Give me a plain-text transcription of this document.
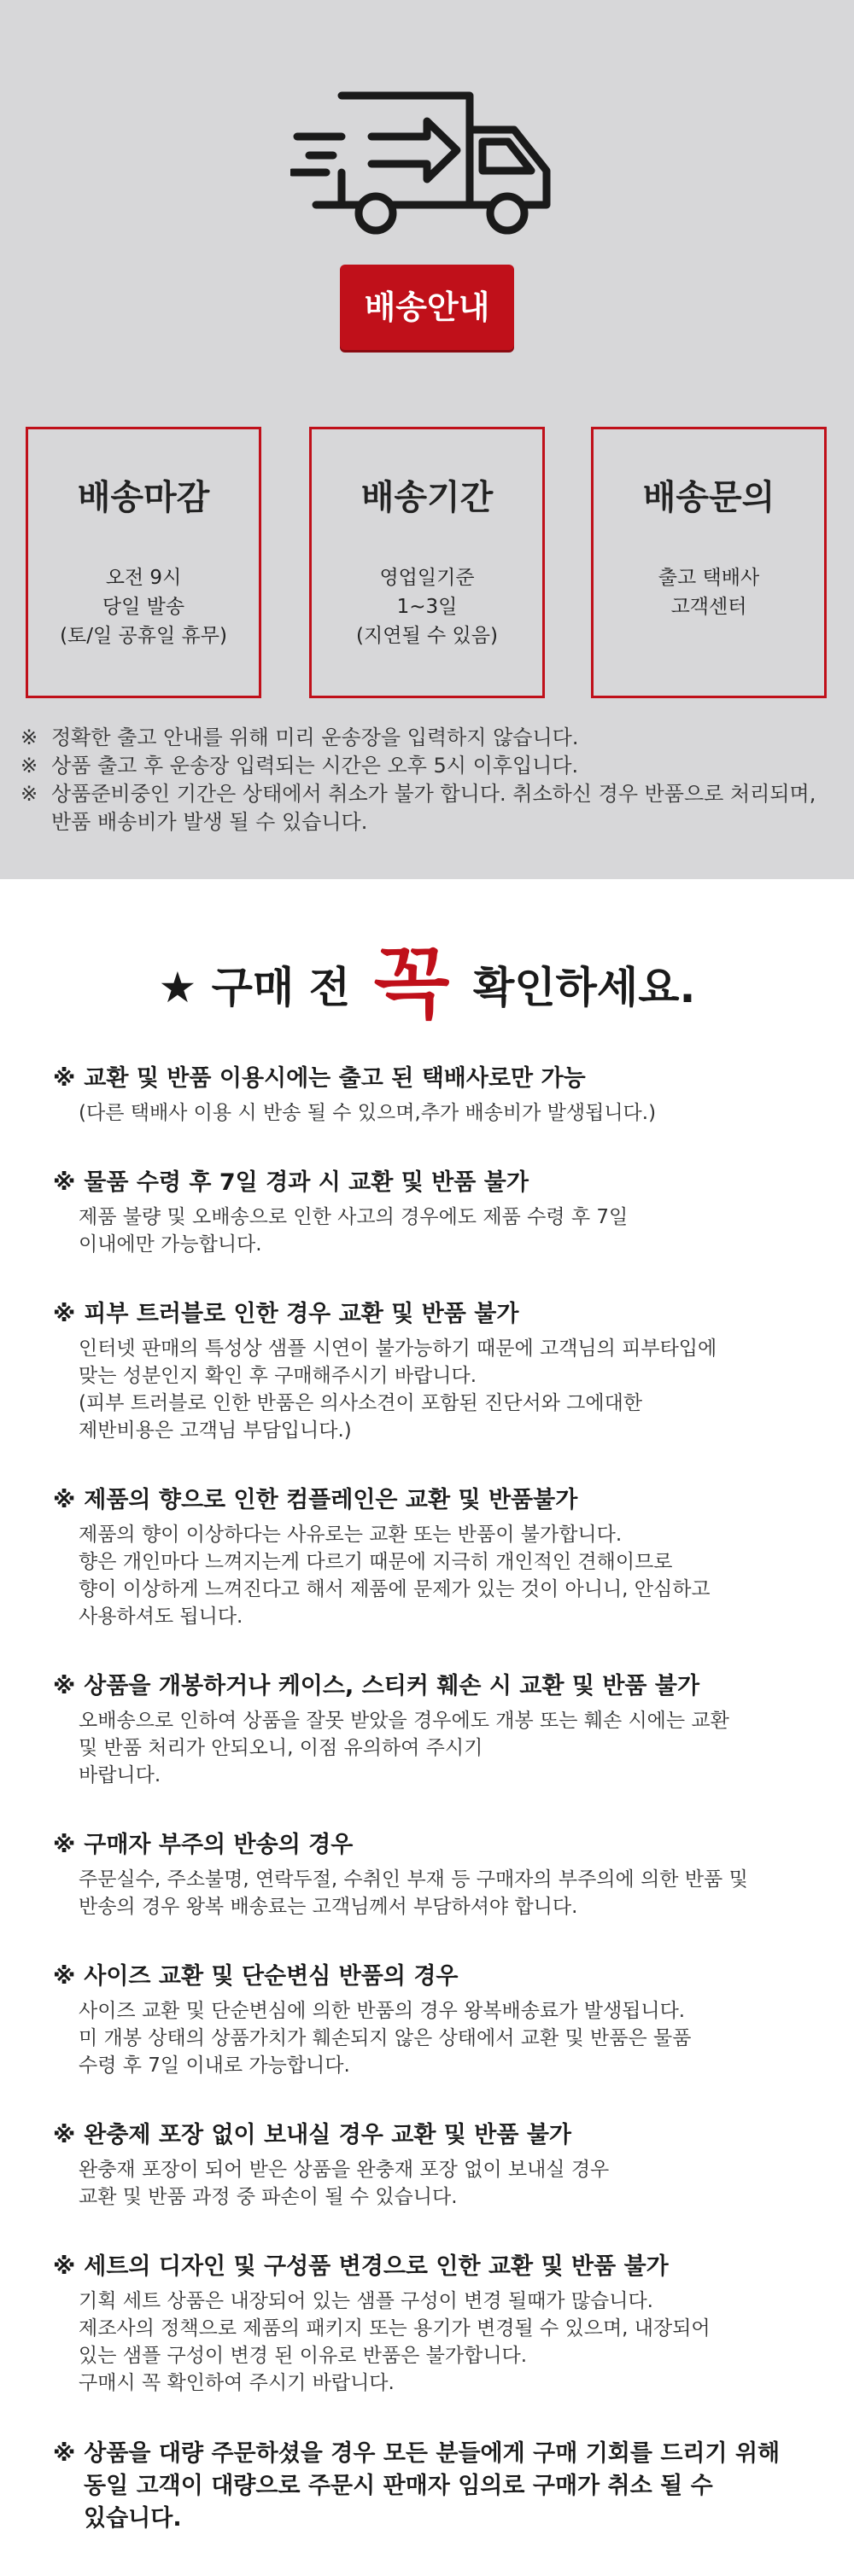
배송안내
배송마감
오전 9시
당일 발송
(토/일 공휴일 휴무)
배송기간
영업일기준
1~3일
(지연될 수 있음)
배송문의
출고 택배사
고객센터
※ 정확한 출고 안내를 위해 미리 운송장을 입력하지 않습니다.
※ 상품 출고 후 운송장 입력되는 시간은 오후 5시 이후입니다.
※ 상품준비중인 기간은 상태에서 취소가 불가 합니다. 취소하신 경우 반품으로 처리되며, 반품 배송비가 발생 될 수 있습니다.
★ 구매 전 꼭 확인하세요.
※ 교환 및 반품 이용시에는 출고 된 택배사로만 가능
(다른 택배사 이용 시 반송 될 수 있으며,추가 배송비가 발생됩니다.)
※ 물품 수령 후 7일 경과 시 교환 및 반품 불가
제품 불량 및 오배송으로 인한 사고의 경우에도 제품 수령 후 7일
이내에만 가능합니다.
※ 피부 트러블로 인한 경우 교환 및 반품 불가
인터넷 판매의 특성상 샘플 시연이 불가능하기 때문에 고객님의 피부타입에
맞는 성분인지 확인 후 구매해주시기 바랍니다.
(피부 트러블로 인한 반품은 의사소견이 포함된 진단서와 그에대한
제반비용은 고객님 부담입니다.)
※ 제품의 향으로 인한 컴플레인은 교환 및 반품불가
제품의 향이 이상하다는 사유로는 교환 또는 반품이 불가합니다.
향은 개인마다 느껴지는게 다르기 때문에 지극히 개인적인 견해이므로
향이 이상하게 느껴진다고 해서 제품에 문제가 있는 것이 아니니, 안심하고
사용하셔도 됩니다.
※ 상품을 개봉하거나 케이스, 스티커 훼손 시 교환 및 반품 불가
오배송으로 인하여 상품을 잘못 받았을 경우에도 개봉 또는 훼손 시에는 교환
및 반품 처리가 안되오니, 이점 유의하여 주시기
바랍니다.
※ 구매자 부주의 반송의 경우
주문실수, 주소불명, 연락두절, 수취인 부재 등 구매자의 부주의에 의한 반품 및
반송의 경우 왕복 배송료는 고객님께서 부담하셔야 합니다.
※ 사이즈 교환 및 단순변심 반품의 경우
사이즈 교환 및 단순변심에 의한 반품의 경우 왕복배송료가 발생됩니다.
미 개봉 상태의 상품가치가 훼손되지 않은 상태에서 교환 및 반품은 물품
수령 후 7일 이내로 가능합니다.
※ 완충제 포장 없이 보내실 경우 교환 및 반품 불가
완충재 포장이 되어 받은 상품을 완충재 포장 없이 보내실 경우
교환 및 반품 과정 중 파손이 될 수 있습니다.
※ 세트의 디자인 및 구성품 변경으로 인한 교환 및 반품 불가
기획 세트 상품은 내장되어 있는 샘플 구성이 변경 될때가 많습니다.
제조사의 정책으로 제품의 패키지 또는 용기가 변경될 수 있으며, 내장되어
있는 샘플 구성이 변경 된 이유로 반품은 불가합니다.
구매시 꼭 확인하여 주시기 바랍니다.
※ 상품을 대량 주문하셨을 경우 모든 분들에게 구매 기회를 드리기 위해
동일 고객이 대량으로 주문시 판매자 임의로 구매가 취소 될 수
있습니다.
